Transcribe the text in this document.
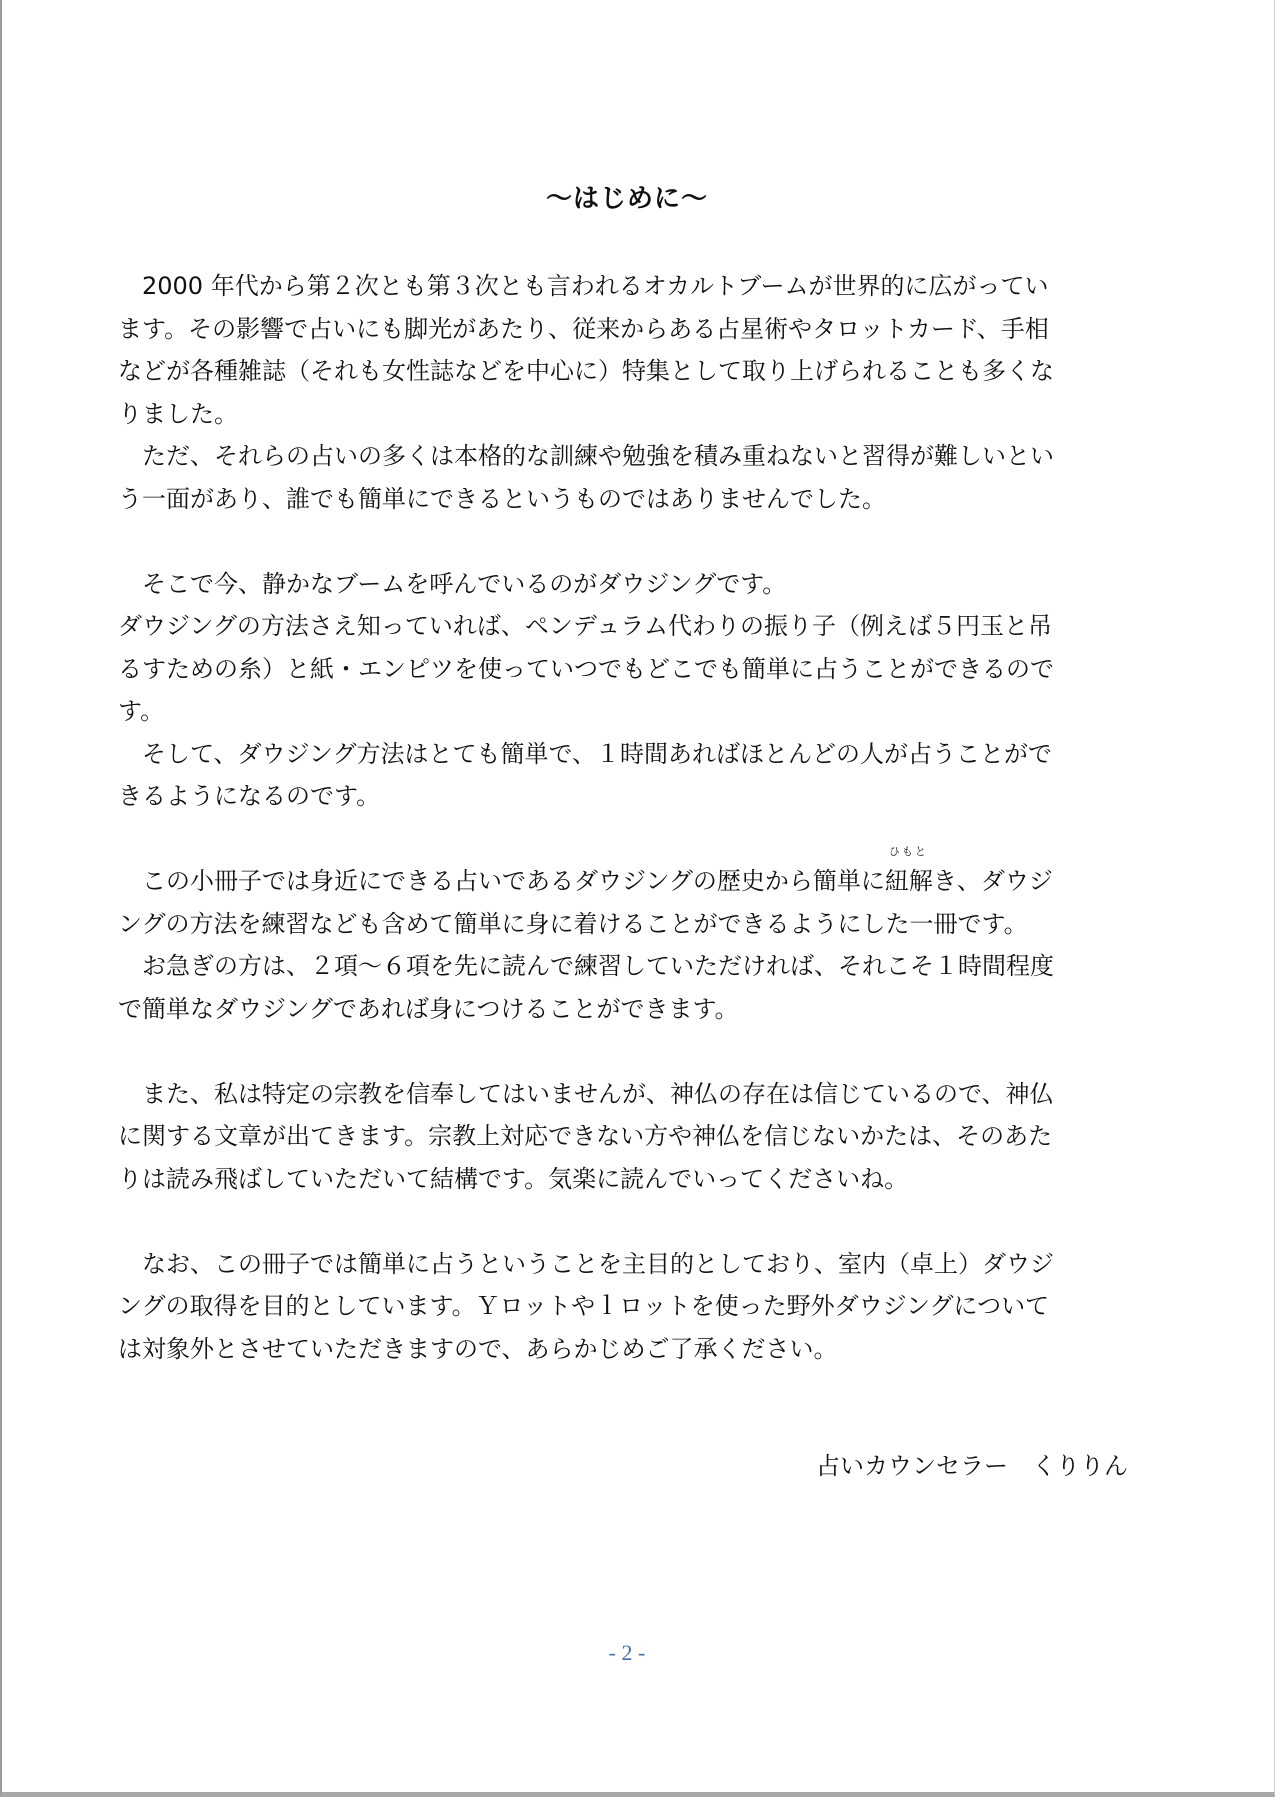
～はじめに～

　2000 年代から第２次とも第３次とも言われるオカルトブームが世界的に広がってい

ます。その影響で占いにも脚光があたり、従来からある占星術やタロットカード、手相

などが各種雑誌（それも女性誌などを中心に）特集として取り上げられることも多くな

りました。

　ただ、それらの占いの多くは本格的な訓練や勉強を積み重ねないと習得が難しいとい

う一面があり、誰でも簡単にできるというものではありませんでした。

　そこで今、静かなブームを呼んでいるのがダウジングです。

ダウジングの方法さえ知っていれば、ペンデュラム代わりの振り子（例えば５円玉と吊

るすための糸）と紙・エンピツを使っていつでもどこでも簡単に占うことができるので

す。

　そして、ダウジング方法はとても簡単で、１時間あればほとんどの人が占うことがで

きるようになるのです。

　この小冊子では身近にできる占いであるダウジングの歴史から簡単に
ひもと
紐解き、ダウジ

ングの方法を練習なども含めて簡単に身に着けることができるようにした一冊です。

　お急ぎの方は、２項～６項を先に読んで練習していただければ、それこそ１時間程度

で簡単なダウジングであれば身につけることができます。

　また、私は特定の宗教を信奉してはいませんが、神仏の存在は信じているので、神仏

に関する文章が出てきます。宗教上対応できない方や神仏を信じないかたは、そのあた

りは読み飛ばしていただいて結構です。気楽に読んでいってくださいね。

　なお、この冊子では簡単に占うということを主目的としており、室内（卓上）ダウジ

ングの取得を目的としています。Ｙロットやｌロットを使った野外ダウジングについて

は対象外とさせていただきますので、あらかじめご了承ください。

占いカウンセラー　くりりん
- 2 -
